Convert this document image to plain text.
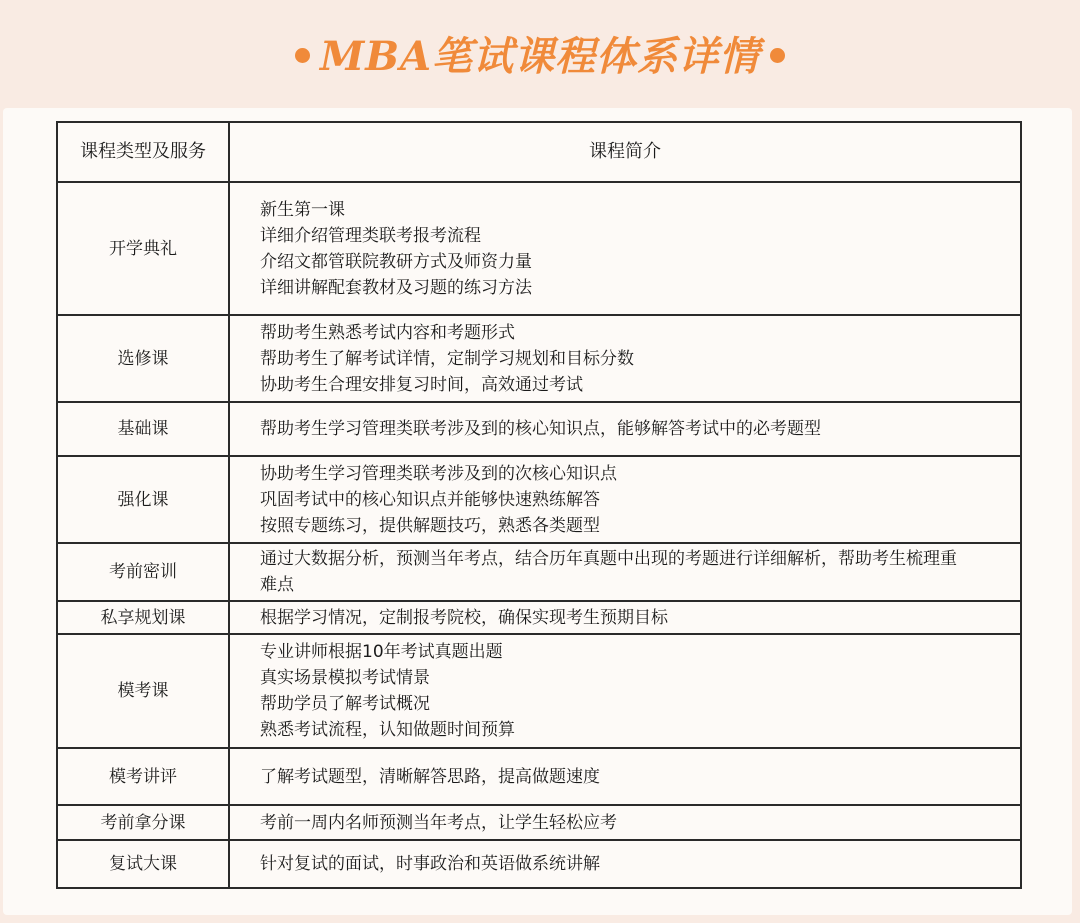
MBA笔试课程体系详情
课程类型及服务	课程简介
开学典礼	新生第一课
详细介绍管理类联考报考流程
介绍文都管联院教研方式及师资力量
详细讲解配套教材及习题的练习方法

选修课	帮助考生熟悉考试内容和考题形式
帮助考生了解考试详情，定制学习规划和目标分数
协助考生合理安排复习时间，高效通过考试

基础课	帮助考生学习管理类联考涉及到的核心知识点，能够解答考试中的必考题型

强化课	协助考生学习管理类联考涉及到的次核心知识点
巩固考试中的核心知识点并能够快速熟练解答
按照专题练习，提供解题技巧，熟悉各类题型

考前密训	通过大数据分析，预测当年考点，结合历年真题中出现的考题进行详细解析，帮助考生梳理重
难点

私享规划课	根据学习情况，定制报考院校，确保实现考生预期目标

模考课	专业讲师根据10年考试真题出题
真实场景模拟考试情景
帮助学员了解考试概况
熟悉考试流程，认知做题时间预算

模考讲评	了解考试题型，清晰解答思路，提高做题速度

考前拿分课	考前一周内名师预测当年考点，让学生轻松应考

复试大课	针对复试的面试，时事政治和英语做系统讲解
